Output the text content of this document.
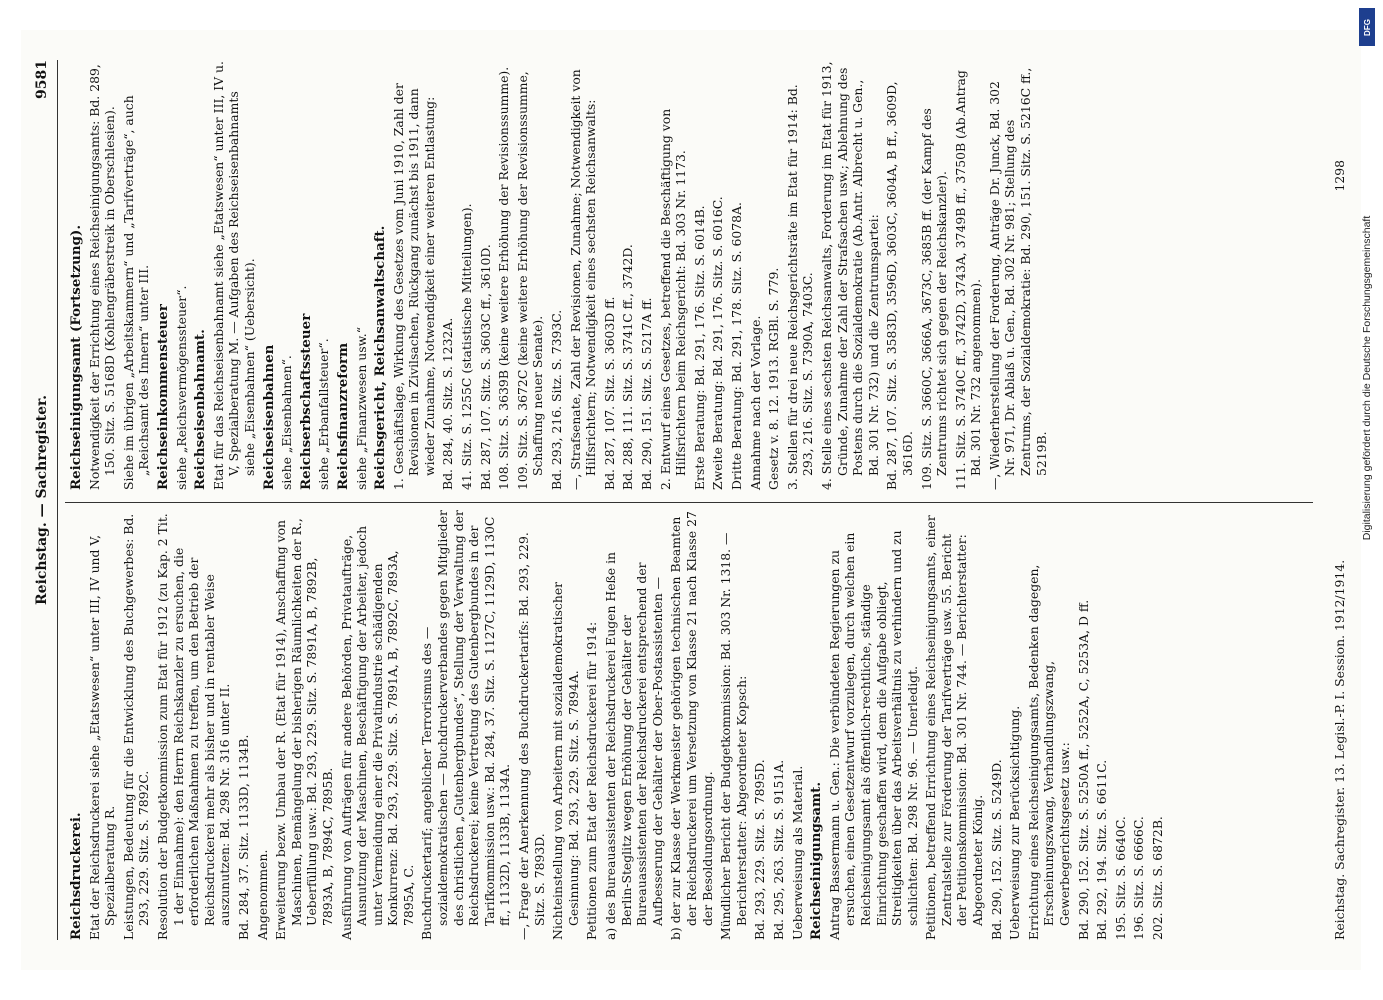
Reichstag. — Sachregister.
9581
Reichsdruckerei. Etat der Reichsdruckerei siehe „Etatswesen“ unter III, IV und V, Spezialberatung R. Leistungen, Bedeutung für die Entwicklung des Buchgewerbes: Bd. 293, 229. Sitz. S. 7892C. Resolution der Budgetkommission zum Etat für 1912 (zu Kap. 2 Tit. 1 der Einnahme): den Herrn Reichskanzler zu ersuchen, die erforderlichen Maßnahmen zu treffen, um den Betrieb der Reichsdruckerei mehr als bisher und in rentabler Weise auszunutzen: Bd. 298 Nr. 316 unter II. Bd. 284, 37. Sitz. 1133D, 1134B. Angenommen. Erweiterung bezw. Umbau der R. (Etat für 1914), Anschaffung von Maschinen, Bemängelung der bisherigen Räumlichkeiten der R., Ueberfüllung usw.: Bd. 293, 229. Sitz. S. 7891A, B, 7892B, 7893A, B, 7894C, 7895B. Ausführung von Aufträgen für andere Behörden, Privataufträge, Ausnutzung der Maschinen, Beschäftigung der Arbeiter, jedoch unter Vermeidung einer die Privatindustrie schädigenden Konkurrenz: Bd. 293, 229. Sitz. S. 7891A, B, 7892C, 7893A, 7895A, C. Buchdruckertarif; angeblicher Terrorismus des — sozialdemokratischen — Buchdruckerverbandes gegen Mitglieder des christlichen „Gutenbergbundes“, Stellung der Verwaltung der Reichsdruckerei; keine Vertretung des Gutenbergbundes in der Tarifkommission usw.: Bd. 284, 37. Sitz. S. 1127C, 1129D, 1130C ff., 1132D, 1133B, 1134A. —, Frage der Anerkennung des Buchdruckertarifs: Bd. 293, 229. Sitz. S. 7893D. Nichteinstellung von Arbeitern mit sozialdemokratischer Gesinnung: Bd. 293, 229. Sitz. S. 7894A. Petitionen zum Etat der Reichsdruckerei für 1914: a) des Bureauassistenten der Reichsdruckerei Eugen Heße in Berlin-Steglitz wegen Erhöhung der Gehälter der Bureauassistenten der Reichsdruckerei entsprechend der Aufbesserung der Gehälter der Ober-Postassistenten — b) der zur Klasse der Werkmeister gehörigen technischen Beamten der Reichsdruckerei um Versetzung von Klasse 21 nach Klasse 27 der Besoldungsordnung. Mündlicher Bericht der Budgetkommission: Bd. 303 Nr. 1318. — Berichterstatter: Abgeordneter Kopsch: Bd. 293, 229. Sitz. S. 7895D. Bd. 295, 263. Sitz. S. 9151A. Ueberweisung als Material. Reichseinigungsamt. Antrag Bassermann u. Gen.: Die verbündeten Regierungen zu ersuchen, einen Gesetzentwurf vorzulegen, durch welchen ein Reichseinigungsamt als öffentlich-rechtliche, ständige Einrichtung geschaffen wird, dem die Aufgabe obliegt, Streitigkeiten über das Arbeitsverhältnis zu verhindern und zu schlichten: Bd. 298 Nr. 96. — Unerledigt. Petitionen, betreffend Errichtung eines Reichseinigungsamts, einer Zentralstelle zur Förderung der Tarifverträge usw. 55. Bericht der Petitionskommission: Bd. 301 Nr. 744. — Berichterstatter: Abgeordneter König. Bd. 290, 152. Sitz. S. 5249D. Ueberweisung zur Berücksichtigung. Errichtung eines Reichseinigungsamts, Bedenken dagegen, Erscheinungszwang, Verhandlungszwang, Gewerbegerichtsgesetz usw.: Bd. 290, 152. Sitz. S. 5250A ff., 5252A, C, 5253A, D ff. Bd. 292, 194. Sitz. S. 6611C. 195. Sitz. S. 6640C. 196. Sitz. S. 6666C. 202. Sitz. S. 6872B.
Reichseinigungsamt (Fortsetzung). Notwendigkeit der Errichtung eines Reichseinigungsamts: Bd. 289, 150. Sitz. S. 5168D (Kohlengräberstreik in Oberschlesien). Siehe im übrigen „Arbeitskammern“ und „Tarifverträge“, auch „Reichsamt des Innern“ unter III. Reichseinkommensteuer siehe „Reichsvermögenssteuer“. Reichseisenbahnamt. Etat für das Reichseisenbahnamt siehe „Etatswesen“ unter III, IV u. V, Spezialberatung M. — Aufgaben des Reichseisenbahnamts siehe „Eisenbahnen“ (Uebersicht). Reichseisenbahnen siehe „Eisenbahnen“. Reichserbschaftssteuer siehe „Erbanfallsteuer“. Reichsfinanzreform siehe „Finanzwesen usw.“ Reichsgericht, Reichsanwaltschaft. 1. Geschäftslage, Wirkung des Gesetzes vom Juni 1910, Zahl der Revisionen in Zivilsachen, Rückgang zunächst bis 1911, dann wieder Zunahme, Notwendigkeit einer weiteren Entlastung: Bd. 284, 40. Sitz. S. 1232A. 41. Sitz. S. 1255C (statistische Mitteilungen). Bd. 287, 107. Sitz. S. 3603C ff., 3610D. 108. Sitz. S. 3639B (keine weitere Erhöhung der Revisionssumme). 109. Sitz. S. 3672C (keine weitere Erhöhung der Revisionssumme, Schaffung neuer Senate). Bd. 293, 216. Sitz. S. 7393C. —, Strafsenate, Zahl der Revisionen, Zunahme; Notwendigkeit von Hilfsrichtern; Notwendigkeit eines sechsten Reichsanwalts: Bd. 287, 107. Sitz. S. 3603D ff. Bd. 288, 111. Sitz. S. 3741C ff., 3742D. Bd. 290, 151. Sitz. S. 5217A ff. 2. Entwurf eines Gesetzes, betreffend die Beschäftigung von Hilfsrichtern beim Reichsgericht: Bd. 303 Nr. 1173. Erste Beratung: Bd. 291, 176. Sitz. S. 6014B. Zweite Beratung: Bd. 291, 176. Sitz. S. 6016C. Dritte Beratung: Bd. 291, 178. Sitz. S. 6078A. Annahme nach der Vorlage. Gesetz v. 8. 12. 1913. RGBl. S. 779. 3. Stellen für drei neue Reichsgerichtsräte im Etat für 1914: Bd. 293, 216. Sitz. S. 7390A, 7403C. 4. Stelle eines sechsten Reichsanwalts, Forderung im Etat für 1913, Gründe, Zunahme der Zahl der Strafsachen usw.; Ablehnung des Postens durch die Sozialdemokratie (Ab.Antr. Albrecht u. Gen., Bd. 301 Nr. 732) und die Zentrumspartei: Bd. 287, 107. Sitz. S. 3583D, 3596D, 3603C, 3604A, B ff., 3609D, 3616D. 109. Sitz. S. 3660C, 3666A, 3673C, 3685B ff. (der Kampf des Zentrums richtet sich gegen der Reichskanzler). 111. Sitz. S. 3740C ff., 3742D, 3743A, 3749B ff., 3750B (Ab.Antrag Bd. 301 Nr. 732 angenommen). —, Wiederherstellung der Forderung, Anträge Dr. Junck, Bd. 302 Nr. 971, Dr. Ablaß u. Gen., Bd. 302 Nr. 981; Stellung des Zentrums, der Sozialdemokratie: Bd. 290, 151. Sitz. S. 5216C ff., 5219B.
Reichstag. Sachregister. 13. Legisl.-P. I. Session. 1912/1914.
1298
Digitalisierung gefördert durch die Deutsche Forschungsgemeinschaft
DFG
